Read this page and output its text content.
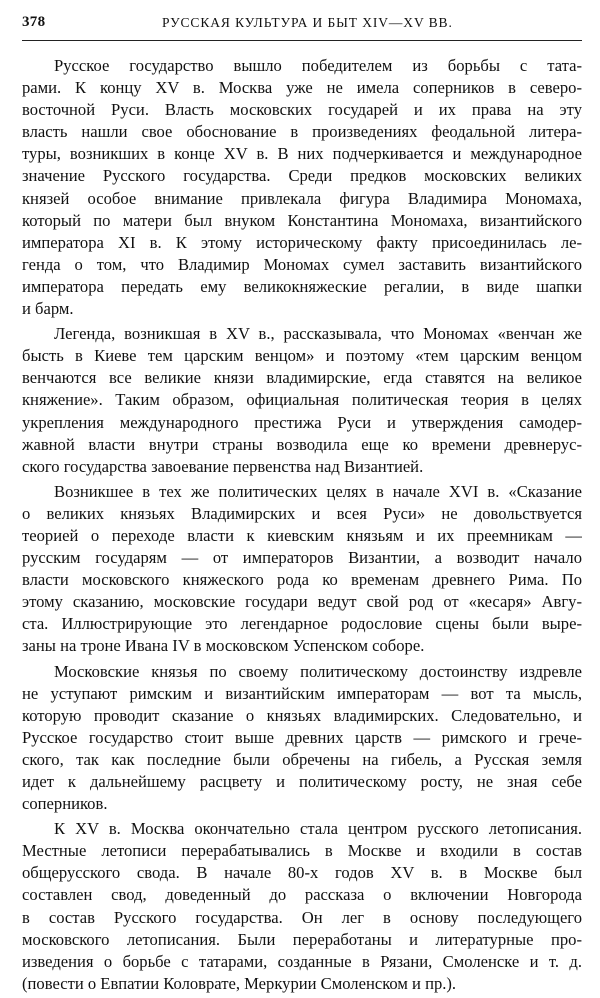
378	РУССКАЯ КУЛЬТУРА И БЫТ XIV—XV ВВ.
Русское государство вышло победителем из борьбы с тата-
рами. К концу XV в. Москва уже не имела соперников в северо-
восточной Руси. Власть московских государей и их права на эту
власть нашли свое обоснование в произведениях феодальной литера-
туры, возникших в конце XV в. В них подчеркивается и международное
значение Русского государства. Среди предков московских великих
князей особое внимание привлекала фигура Владимира Мономаха,
который по матери был внуком Константина Мономаха, византийского
императора XI в. К этому историческому факту присоединилась ле-
генда о том, что Владимир Мономах сумел заставить византийского
императора передать ему великокняжеские регалии, в виде шапки
и барм.
Легенда, возникшая в XV в., рассказывала, что Мономах «венчан же
бысть в Киеве тем царским венцом» и поэтому «тем царским венцом
венчаются все великие князи владимирские, егда ставятся на великое
княжение». Таким образом, официальная политическая теория в целях
укрепления международного престижа Руси и утверждения самодер-
жавной власти внутри страны возводила еще ко времени древнерус-
ского государства завоевание первенства над Византией.
Возникшее в тех же политических целях в начале XVI в. «Сказание
о великих князьях Владимирских и всея Руси» не довольствуется
теорией о переходе власти к киевским князьям и их преемникам —
русским государям — от императоров Византии, а возводит начало
власти московского княжеского рода ко временам древнего Рима. По
этому сказанию, московские государи ведут свой род от «кесаря» Авгу-
ста. Иллюстрирующие это легендарное родословие сцены были выре-
заны на троне Ивана IV в московском Успенском соборе.
Московские князья по своему политическому достоинству издревле
не уступают римским и византийским императорам — вот та мысль,
которую проводит сказание о князьях владимирских. Следовательно, и
Русское государство стоит выше древних царств — римского и грече-
ского, так как последние были обречены на гибель, а Русская земля
идет к дальнейшему расцвету и политическому росту, не зная себе
соперников.
К XV в. Москва окончательно стала центром русского летописания.
Местные летописи перерабатывались в Москве и входили в состав
общерусского свода. В начале 80-х годов XV в. в Москве был
составлен свод, доведенный до рассказа о включении Новгорода
в состав Русского государства. Он лег в основу последующего
московского летописания. Были переработаны и литературные про-
изведения о борьбе с татарами, созданные в Рязани, Смоленске и т. д.
(повести о Евпатии Коловрате, Меркурии Смоленском и пр.).
